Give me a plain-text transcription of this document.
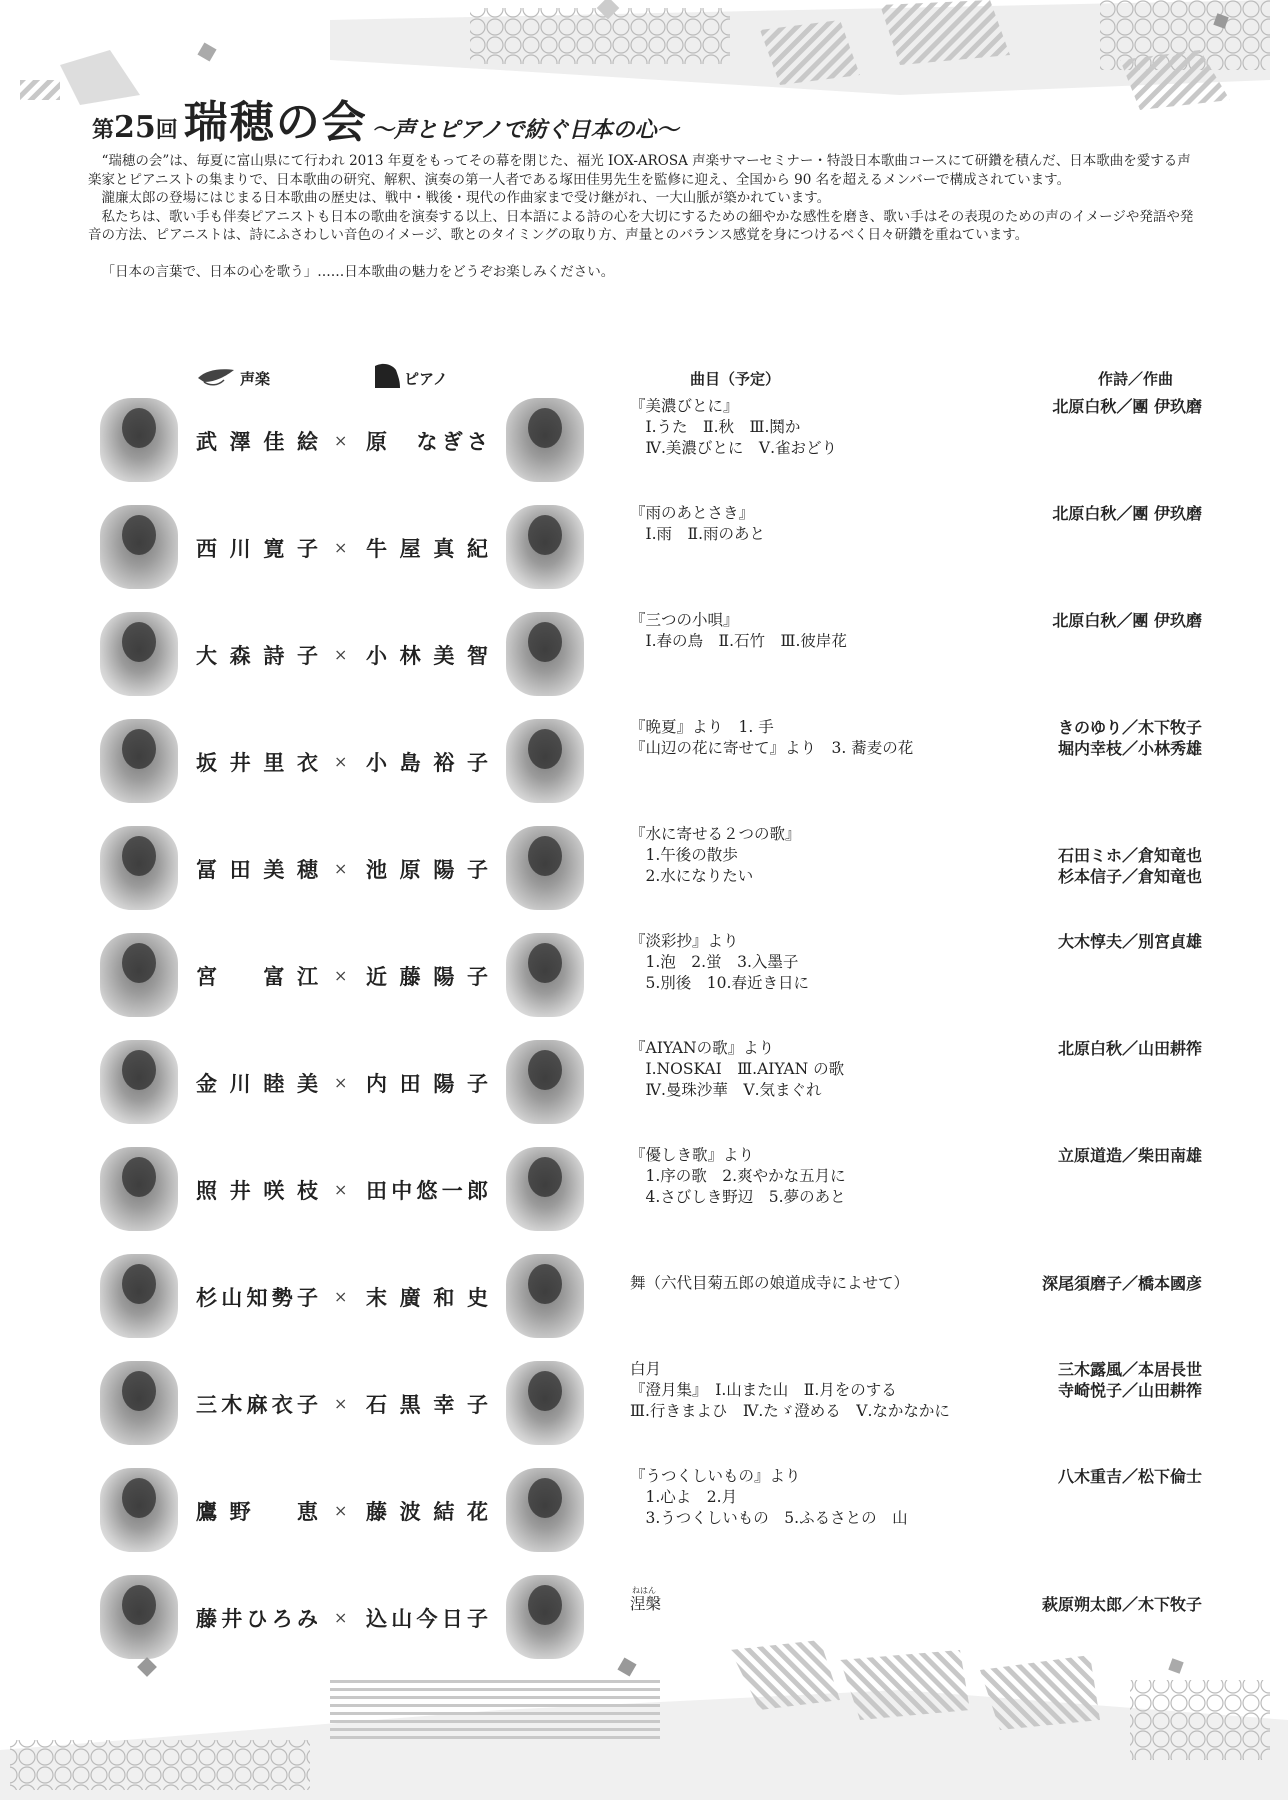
第25回 瑞穂の会 〜声とピアノで紡ぐ日本の心〜

“瑞穂の会”は、毎夏に富山県にて行われ 2013 年夏をもってその幕を閉じた、福光 IOX-AROSA 声楽サマーセミナー・特設日本歌曲コースにて研鑽を積んだ、日本歌曲を愛する声楽家とピアニストの集まりで、日本歌曲の研究、解釈、演奏の第一人者である塚田佳男先生を監修に迎え、全国から 90 名を超えるメンバーで構成されています。

瀧廉太郎の登場にはじまる日本歌曲の歴史は、戦中・戦後・現代の作曲家まで受け継がれ、一大山脈が築かれています。

私たちは、歌い手も伴奏ピアニストも日本の歌曲を演奏する以上、日本語による詩の心を大切にするための細やかな感性を磨き、歌い手はその表現のための声のイメージや発語や発音の方法、ピアニストは、詩にふさわしい音色のイメージ、歌とのタイミングの取り方、声量とのバランス感覚を身につけるべく日々研鑽を重ねています。

「日本の言葉で、日本の心を歌う」……日本歌曲の魅力をどうぞお楽しみください。

声楽	ピアノ	曲目（予定）	作詩／作曲
武澤佳絵 × 原　なぎさ
『美濃びとに』
　Ⅰ.うた　Ⅱ.秋　Ⅲ.鬨か
　Ⅳ.美濃びとに　Ⅴ.雀おどり
北原白秋／團 伊玖磨
西川寛子 × 牛屋真紀
『雨のあとさき』
　Ⅰ.雨　Ⅱ.雨のあと
北原白秋／團 伊玖磨
大森詩子 × 小林美智
『三つの小唄』
　Ⅰ.春の鳥　Ⅱ.石竹　Ⅲ.彼岸花
北原白秋／團 伊玖磨
坂井里衣 × 小島裕子
『晩夏』より　1. 手
『山辺の花に寄せて』より　3. 蕎麦の花
きのゆり／木下牧子
堀内幸枝／小林秀雄
冨田美穂 × 池原陽子
『水に寄せる２つの歌』
　1.午後の散歩
　2.水になりたい

石田ミホ／倉知竜也
杉本信子／倉知竜也
宮　富江 × 近藤陽子
『淡彩抄』より
　1.泡　2.蛍　3.入墨子
　5.別後　10.春近き日に
大木惇夫／別宮貞雄
金川睦美 × 内田陽子
『AIYANの歌』より
　Ⅰ.NOSKAI　Ⅲ.AIYAN の歌
　Ⅳ.曼珠沙華　Ⅴ.気まぐれ
北原白秋／山田耕筰
照井咲枝 × 田中悠一郎
『優しき歌』より
　1.序の歌　2.爽やかな五月に
　4.さびしき野辺　5.夢のあと
立原道造／柴田南雄
杉山知勢子 × 末廣和史

舞（六代目菊五郎の娘道成寺によせて）	
深尾須磨子／橋本國彦
三木麻衣子 × 石黒幸子
白月
『澄月集』　Ⅰ.山また山　Ⅱ.月をのする
Ⅲ.行きまよひ　Ⅳ.たゞ澄める　Ⅴ.なかなかに
三木露風／本居長世
寺崎悦子／山田耕筰
鷹野　恵 × 藤波結花
『うつくしいもの』より
　1.心よ　2.月
　3.うつくしいもの　5.ふるさとの　山
八木重吉／松下倫士
藤井ひろみ × 込山今日子

涅槃	
萩原朔太郎／木下牧子
ねはん
